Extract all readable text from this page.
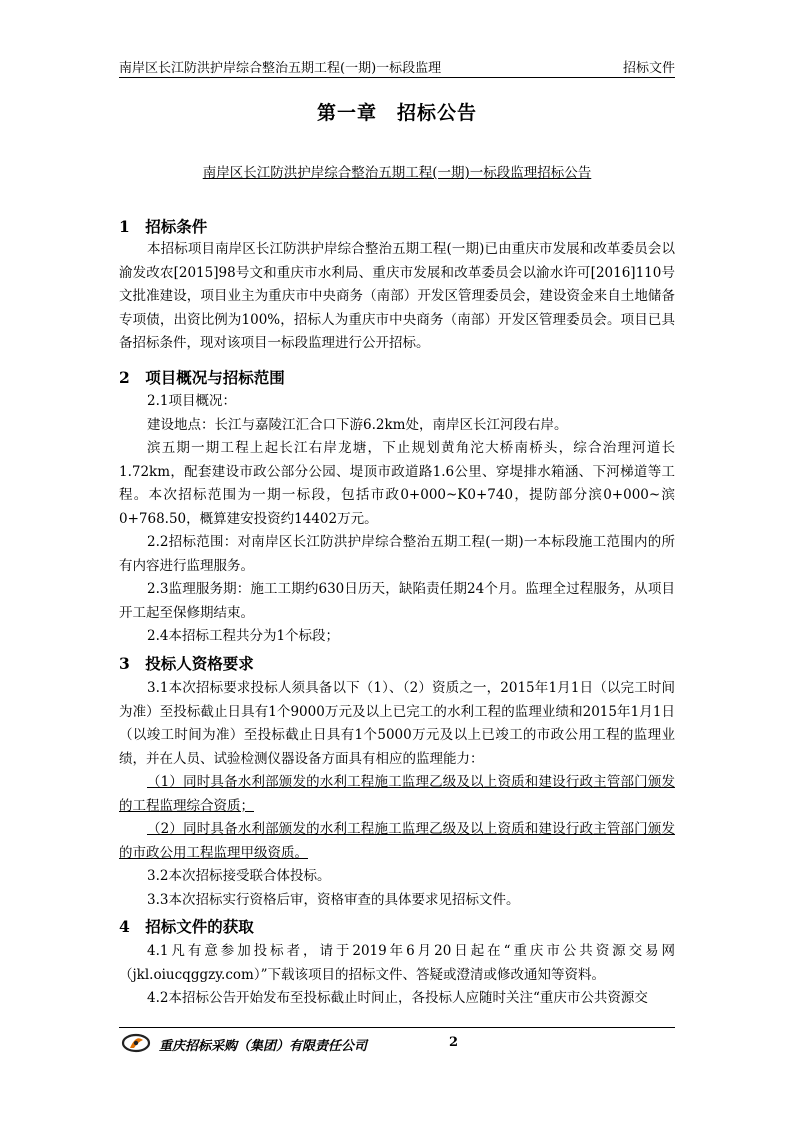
南岸区长江防洪护岸综合整治五期工程(一期)一标段监理	招标文件
第一章　招标公告
南岸区长江防洪护岸综合整治五期工程(一期)一标段监理招标公告
1　招标条件

本招标项目南岸区长江防洪护岸综合整治五期工程(一期)已由重庆市发展和改革委员会以渝发改农[2015]98号文和重庆市水利局、重庆市发展和改革委员会以渝水许可[2016]110号文批准建设，项目业主为重庆市中央商务（南部）开发区管理委员会，建设资金来自土地储备专项债，出资比例为100%，招标人为重庆市中央商务（南部）开发区管理委员会。项目已具备招标条件，现对该项目一标段监理进行公开招标。

2　项目概况与招标范围

2.1项目概况：

建设地点：长江与嘉陵江汇合口下游6.2km处，南岸区长江河段右岸。

滨五期一期工程上起长江右岸龙塘，下止规划黄角沱大桥南桥头，综合治理河道长1.72km，配套建设市政公部分公园、堤顶市政道路1.6公里、穿堤排水箱涵、下河梯道等工程。本次招标范围为一期一标段，包括市政0+000~K0+740，提防部分滨0+000~滨0+768.50，概算建安投资约14402万元。

2.2招标范围：对南岸区长江防洪护岸综合整治五期工程(一期)一本标段施工范围内的所有内容进行监理服务。

2.3监理服务期：施工工期约630日历天，缺陷责任期24个月。监理全过程服务，从项目开工起至保修期结束。

2.4本招标工程共分为1个标段；

3　投标人资格要求

3.1本次招标要求投标人须具备以下（1）、（2）资质之一，2015年1月1日（以完工时间为准）至投标截止日具有1个9000万元及以上已完工的水利工程的监理业绩和2015年1月1日（以竣工时间为准）至投标截止日具有1个5000万元及以上已竣工的市政公用工程的监理业绩，并在人员、试验检测仪器设备方面具有相应的监理能力：

（1）同时具备水利部颁发的水利工程施工监理乙级及以上资质和建设行政主管部门颁发的工程监理综合资质；

（2）同时具备水利部颁发的水利工程施工监理乙级及以上资质和建设行政主管部门颁发的市政公用工程监理甲级资质。

3.2本次招标接受联合体投标。

3.3本次招标实行资格后审，资格审查的具体要求见招标文件。

4　招标文件的获取

4.1凡有意参加投标者，请于2019年6月20日起在“重庆市公共资源交易网（jkl.oiucqggzy.com）”下载该项目的招标文件、答疑或澄清或修改通知等资料。

4.2本招标公告开始发布至投标截止时间止，各投标人应随时关注“重庆市公共资源交

重庆招标采购（集团）有限责任公司	2
